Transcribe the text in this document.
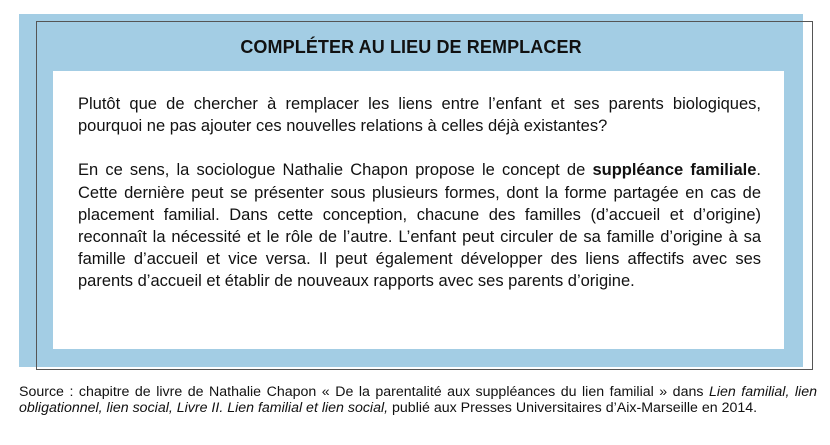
COMPLÉTER AU LIEU DE REMPLACER

Plutôt que de chercher à remplacer les liens entre l’enfant et ses parents biologiques, pourquoi ne pas ajouter ces nouvelles relations à celles déjà existantes?

En ce sens, la sociologue Nathalie Chapon propose le concept de suppléance familiale. Cette dernière peut se présenter sous plusieurs formes, dont la forme partagée en cas de placement familial. Dans cette conception, chacune des familles (d’accueil et d’origine) reconnaît la nécessité et le rôle de l’autre. L’enfant peut circuler de sa famille d’origine à sa famille d’accueil et vice versa. Il peut également développer des liens affectifs avec ses parents d’accueil et établir de nouveaux rapports avec ses parents d’origine.

Source : chapitre de livre de Nathalie Chapon « De la parentalité aux suppléances du lien familial » dans Lien familial, lien obligationnel, lien social, Livre II. Lien familial et lien social, publié aux Presses Universitaires d’Aix-Marseille en 2014.
